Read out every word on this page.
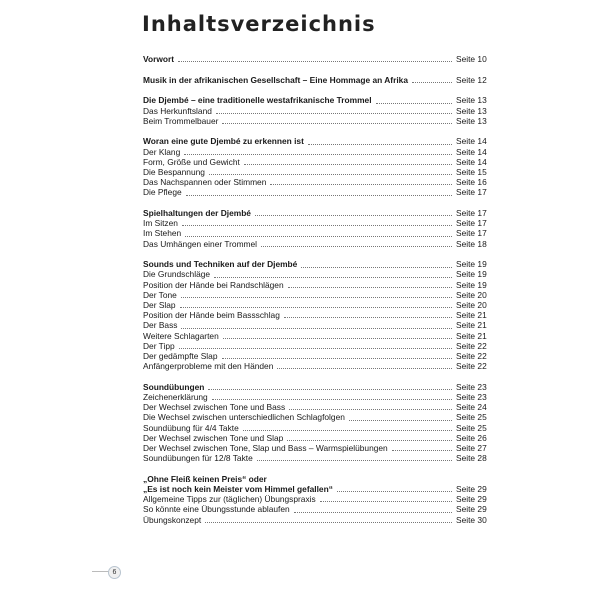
Inhaltsverzeichnis
Vorwort	Seite 10
Musik in der afrikanischen Gesellschaft – Eine Hommage an Afrika	Seite 12
Die Djembé – eine traditionelle westafrikanische Trommel	Seite 13
Das Herkunftsland	Seite 13
Beim Trommelbauer	Seite 13
Woran eine gute Djembé zu erkennen ist	Seite 14
Der Klang	Seite 14
Form, Größe und Gewicht	Seite 14
Die Bespannung	Seite 15
Das Nachspannen oder Stimmen	Seite 16
Die Pflege	Seite 17
Spielhaltungen der Djembé	Seite 17
Im Sitzen	Seite 17
Im Stehen	Seite 17
Das Umhängen einer Trommel	Seite 18
Sounds und Techniken auf der Djembé	Seite 19
Die Grundschläge	Seite 19
Position der Hände bei Randschlägen	Seite 19
Der Tone	Seite 20
Der Slap	Seite 20
Position der Hände beim Bassschlag	Seite 21
Der Bass	Seite 21
Weitere Schlagarten	Seite 21
Der Tipp	Seite 22
Der gedämpfte Slap	Seite 22
Anfängerprobleme mit den Händen	Seite 22
Soundübungen	Seite 23
Zeichenerklärung	Seite 23
Der Wechsel zwischen Tone und Bass	Seite 24
Die Wechsel zwischen unterschiedlichen Schlagfolgen	Seite 25
Soundübung für 4/4 Takte	Seite 25
Der Wechsel zwischen Tone und Slap	Seite 26
Der Wechsel zwischen Tone, Slap und Bass – Warmspielübungen	Seite 27
Soundübungen für 12/8 Takte	Seite 28
„Ohne Fleiß keinen Preis“ oder
„Es ist noch kein Meister vom Himmel gefallen“	Seite 29
Allgemeine Tipps zur (täglichen) Übungspraxis	Seite 29
So könnte eine Übungsstunde ablaufen	Seite 29
Übungskonzept	Seite 30
6
